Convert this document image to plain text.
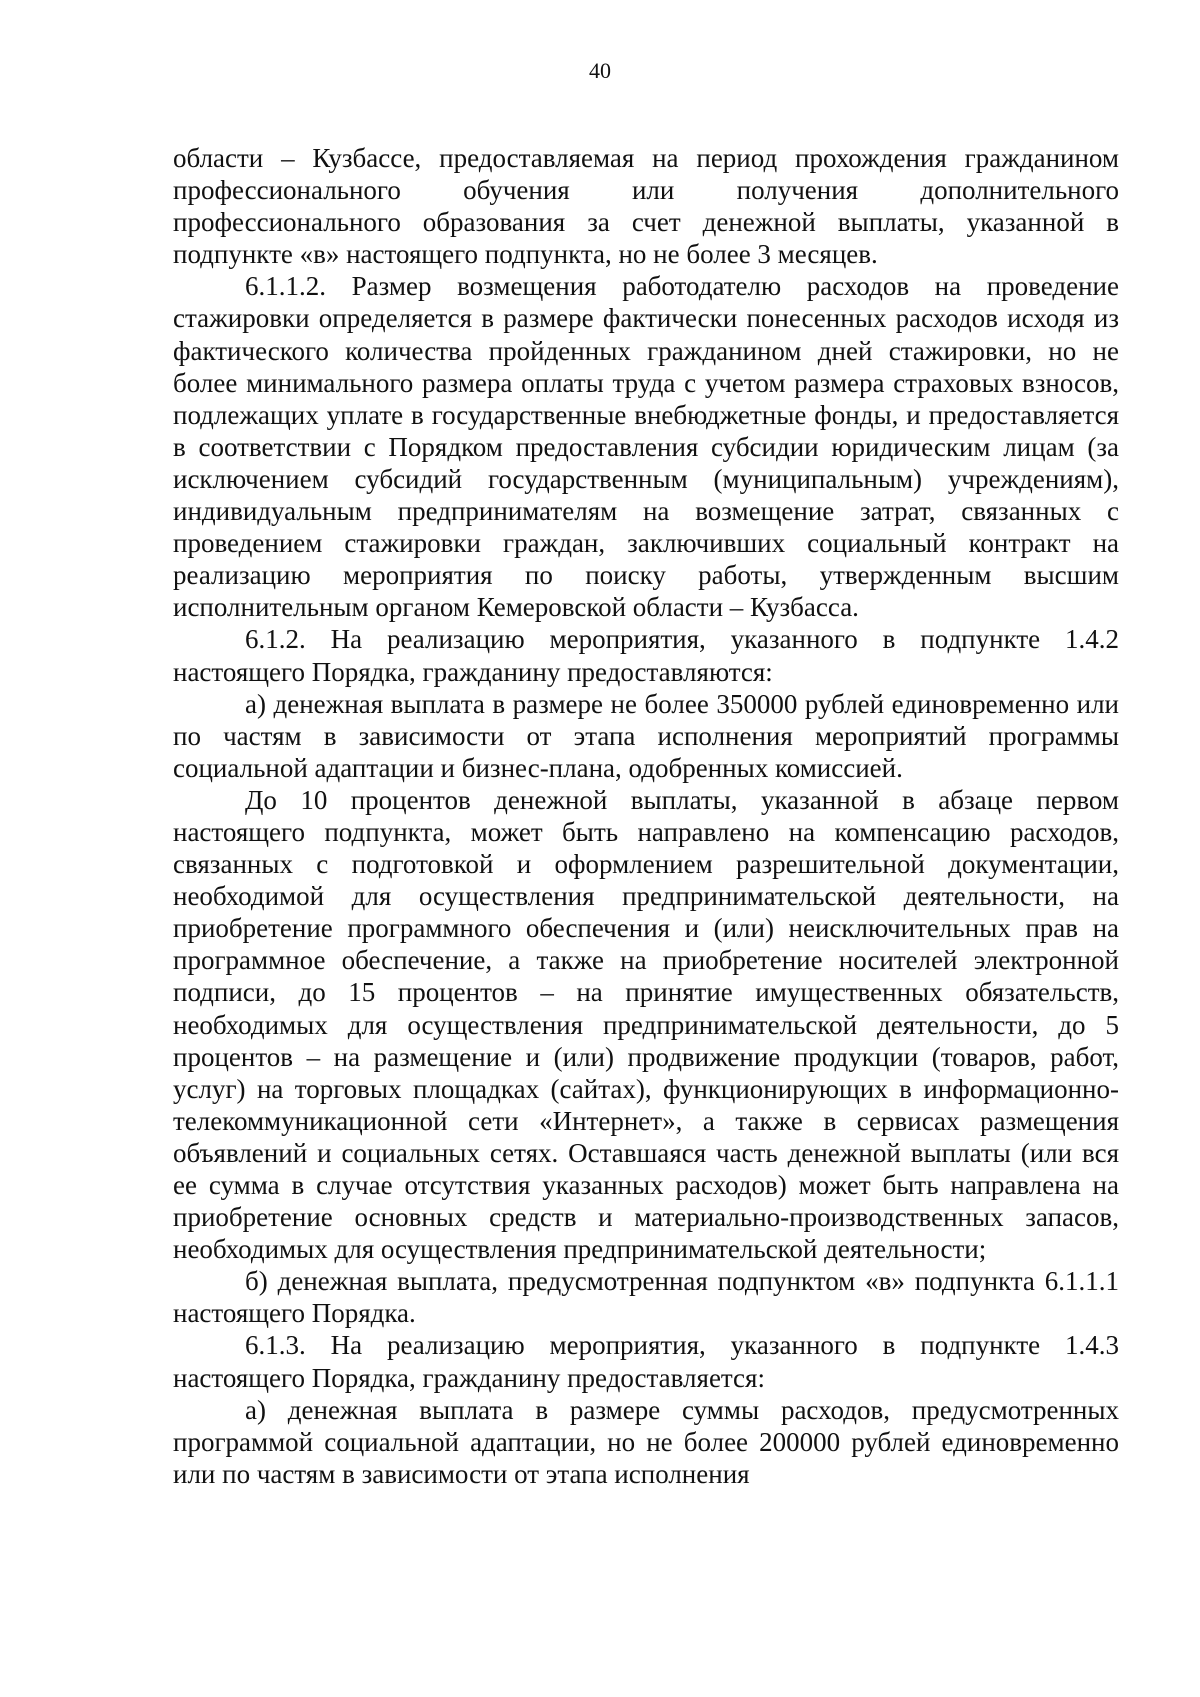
40

области – Кузбассе, предоставляемая на период прохождения гражданином профессионального обучения или получения дополнительного профессионального образования за счет денежной выплаты, указанной в подпункте «в» настоящего подпункта, но не более 3 месяцев.

6.1.1.2. Размер возмещения работодателю расходов на проведение стажировки определяется в размере фактически понесенных расходов исходя из фактического количества пройденных гражданином дней стажировки, но не более минимального размера оплаты труда с учетом размера страховых взносов, подлежащих уплате в государственные внебюджетные фонды, и предоставляется в соответствии с Порядком предоставления субсидии юридическим лицам (за исключением субсидий государственным (муниципальным) учреждениям), индивидуальным предпринимателям на возмещение затрат, связанных с проведением стажировки граждан, заключивших социальный контракт на реализацию мероприятия по поиску работы, утвержденным высшим исполнительным органом Кемеровской области – Кузбасса.

6.1.2. На реализацию мероприятия, указанного в подпункте 1.4.2 настоящего Порядка, гражданину предоставляются:

а) денежная выплата в размере не более 350000 рублей единовременно или по частям в зависимости от этапа исполнения мероприятий программы социальной адаптации и бизнес-плана, одобренных комиссией.

До 10 процентов денежной выплаты, указанной в абзаце первом настоящего подпункта, может быть направлено на компенсацию расходов, связанных с подготовкой и оформлением разрешительной документации, необходимой для осуществления предпринимательской деятельности, на приобретение программного обеспечения и (или) неисключительных прав на программное обеспечение, а также на приобретение носителей электронной подписи, до 15 процентов – на принятие имущественных обязательств, необходимых для осуществления предпринимательской деятельности, до 5 процентов – на размещение и (или) продвижение продукции (товаров, работ, услуг) на торговых площадках (сайтах), функционирующих в информационно-телекоммуникационной сети «Интернет», а также в сервисах размещения объявлений и социальных сетях. Оставшаяся часть денежной выплаты (или вся ее сумма в случае отсутствия указанных расходов) может быть направлена на приобретение основных средств и материально-производственных запасов, необходимых для осуществления предпринимательской деятельности;

б) денежная выплата, предусмотренная подпунктом «в» подпункта 6.1.1.1 настоящего Порядка.

6.1.3. На реализацию мероприятия, указанного в подпункте 1.4.3 настоящего Порядка, гражданину предоставляется:

а) денежная выплата в размере суммы расходов, предусмотренных программой социальной адаптации, но не более 200000 рублей единовременно или по частям в зависимости от этапа исполнения
